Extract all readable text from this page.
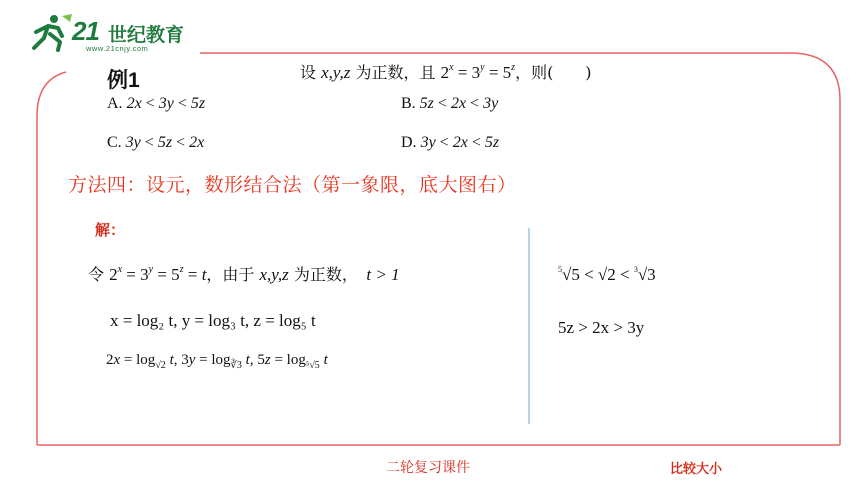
21 世纪教育
www.21cnjy.com
例1	设 x,y,z 为正数，且 $2^x = 3^y = 5^z$，则(　　)
A. 2x < 3y < 5z	B. 5z < 2x < 3y
C. 3y < 5z < 2x	D. 3y < 2x < 5z
方法四：设元，数形结合法（第一象限，底大图右）
解：
令 $2^x = 3^y = 5^z = t$，由于 x,y,z 为正数， t > 1
x = log₂ t, y = log₃ t, z = log₅ t
$2x = \log_{√2} t$, $3y = \log_{∛3} t$, $5z = \log_{^5√5} t$
$^5$√5 < √2 < $^3$√3
5z > 2x > 3y
二轮复习课件	比较大小
